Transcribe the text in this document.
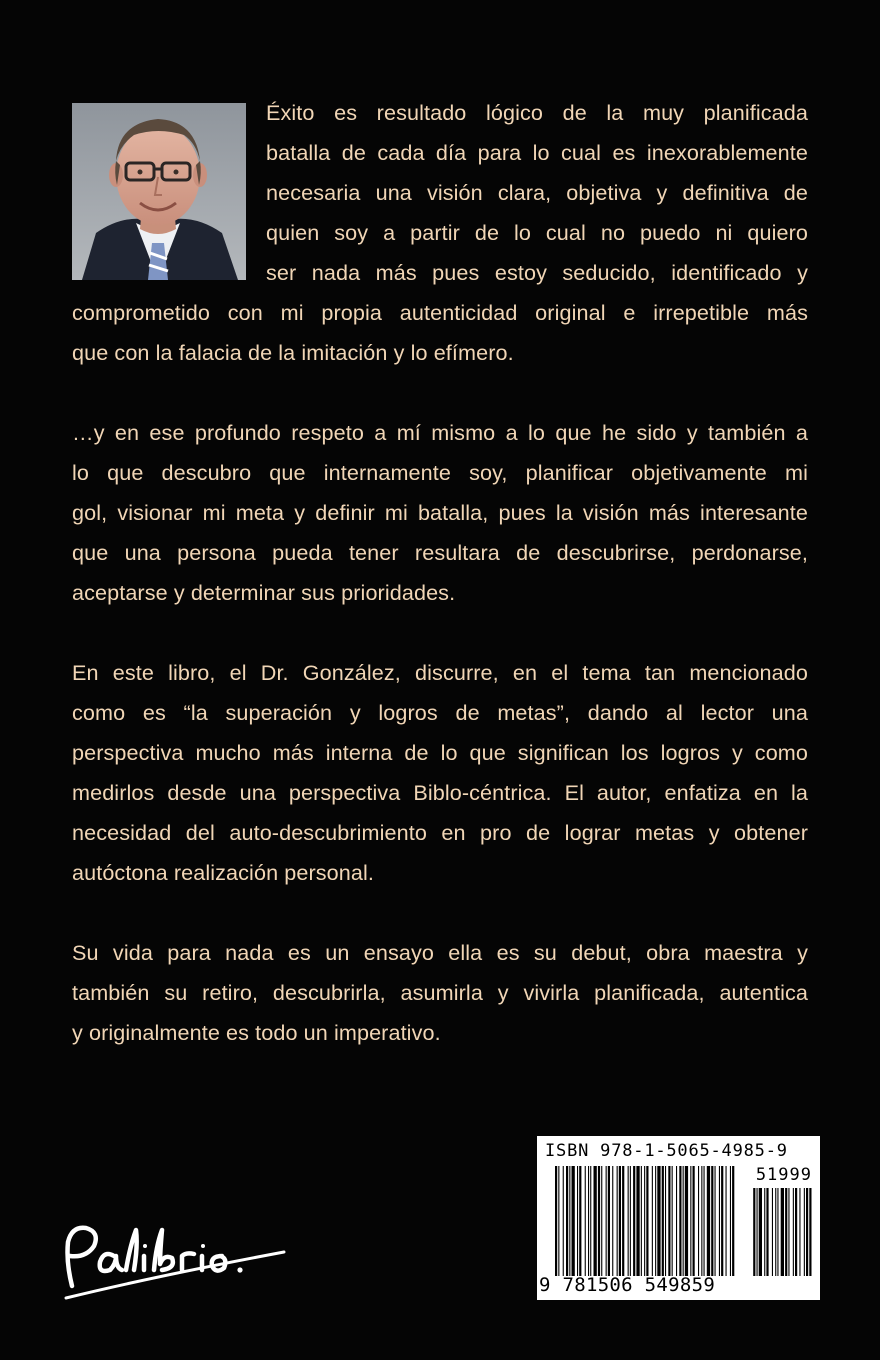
Éxito es resultado lógico de la muy planificada
batalla de cada día para lo cual es inexorablemente
necesaria una visión clara, objetiva y definitiva de
quien soy a partir de lo cual no puedo ni quiero
ser nada más pues estoy seducido, identificado y
comprometido con mi propia autenticidad original e irrepetible más
que con la falacia de la imitación y lo efímero.
…y en ese profundo respeto a mí mismo a lo que he sido y también a
lo que descubro que internamente soy, planificar objetivamente mi
gol, visionar mi meta y definir mi batalla, pues la visión más interesante
que una persona pueda tener resultara de descubrirse, perdonarse,
aceptarse y determinar sus prioridades.
En este libro, el Dr. González, discurre, en el tema tan mencionado
como es “la superación y logros de metas”, dando al lector una
perspectiva mucho más interna de lo que significan los logros y como
medirlos desde una perspectiva Biblo-céntrica. El autor, enfatiza en la
necesidad del auto-descubrimiento en pro de lograr metas y obtener
autóctona realización personal.
Su vida para nada es un ensayo ella es su debut, obra maestra y
también su retiro, descubrirla, asumirla y vivirla planificada, autentica
y originalmente es todo un imperativo.
ISBN 978-1-5065-4985-9
51999
9 781506 549859
